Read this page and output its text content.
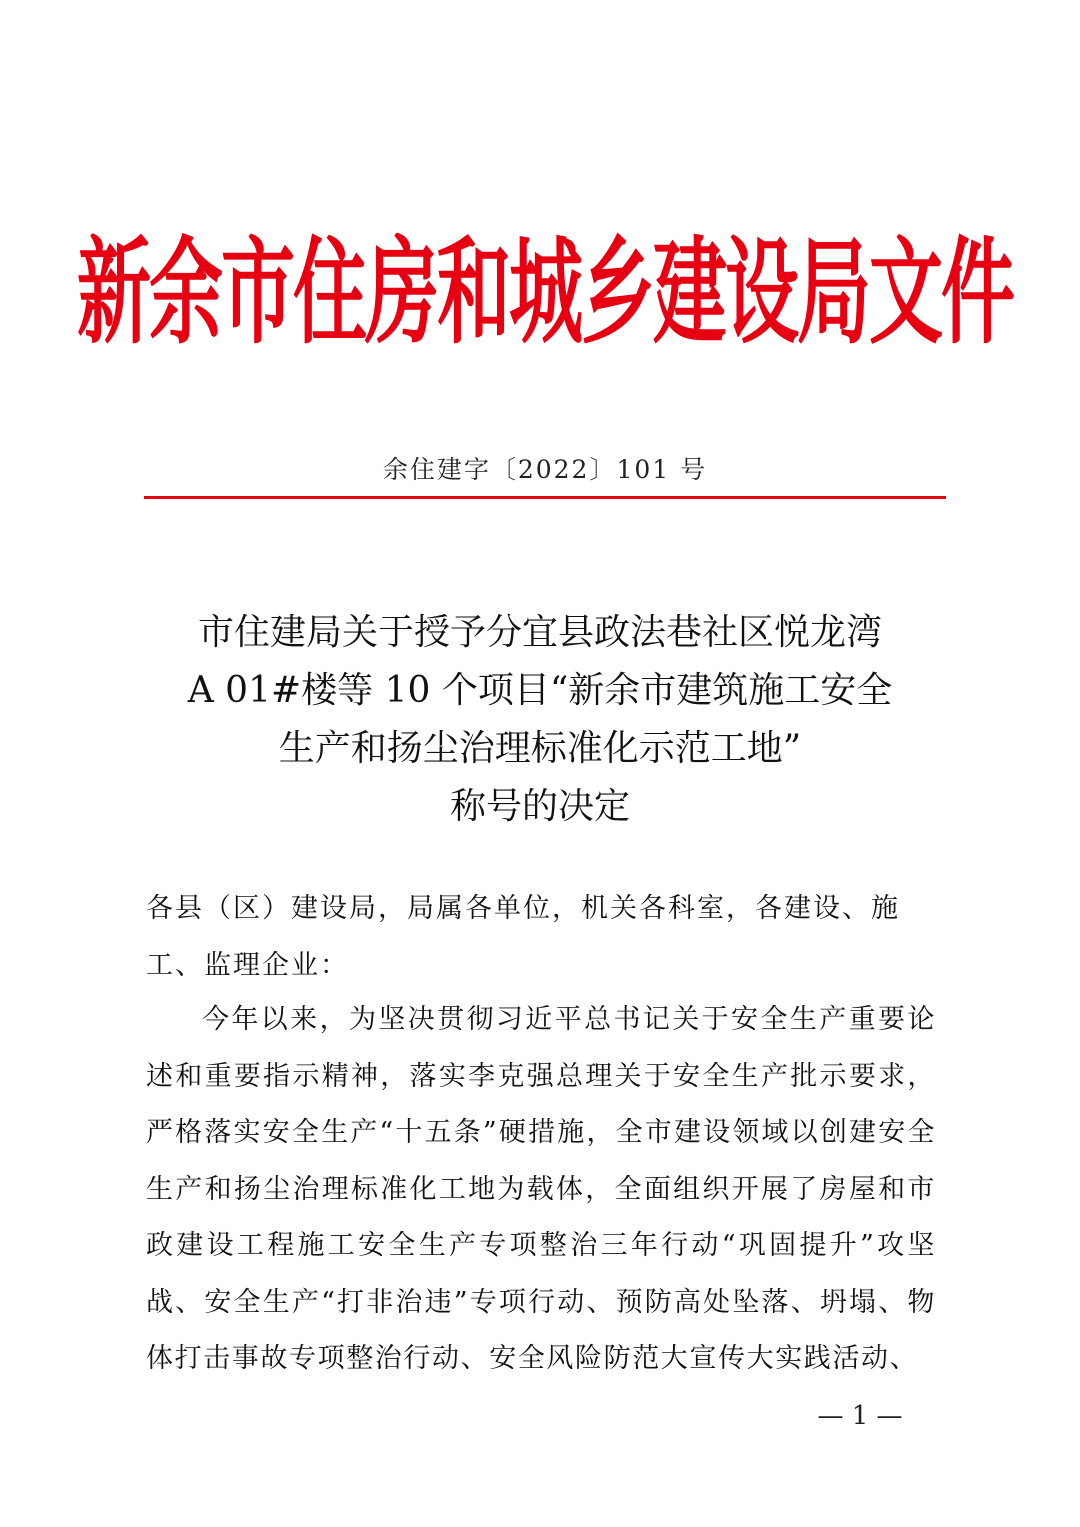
新余市住房和城乡建设局文件
余住建字〔2022〕101 号
市住建局关于授予分宜县政法巷社区悦龙湾
A 01#楼等 10 个项目“新余市建筑施工安全
生产和扬尘治理标准化示范工地”
称号的决定
各县（区）建设局，局属各单位，机关各科室，各建设、施工、监理企业：
今年以来，为坚决贯彻习近平总书记关于安全生产重要论述和重要指示精神，落实李克强总理关于安全生产批示要求，严格落实安全生产“十五条”硬措施，全市建设领域以创建安全生产和扬尘治理标准化工地为载体，全面组织开展了房屋和市政建设工程施工安全生产专项整治三年行动“巩固提升”攻坚战、安全生产“打非治违”专项行动、预防高处坠落、坍塌、物体打击事故专项整治行动、安全风险防范大宣传大实践活动、
— 1 —
